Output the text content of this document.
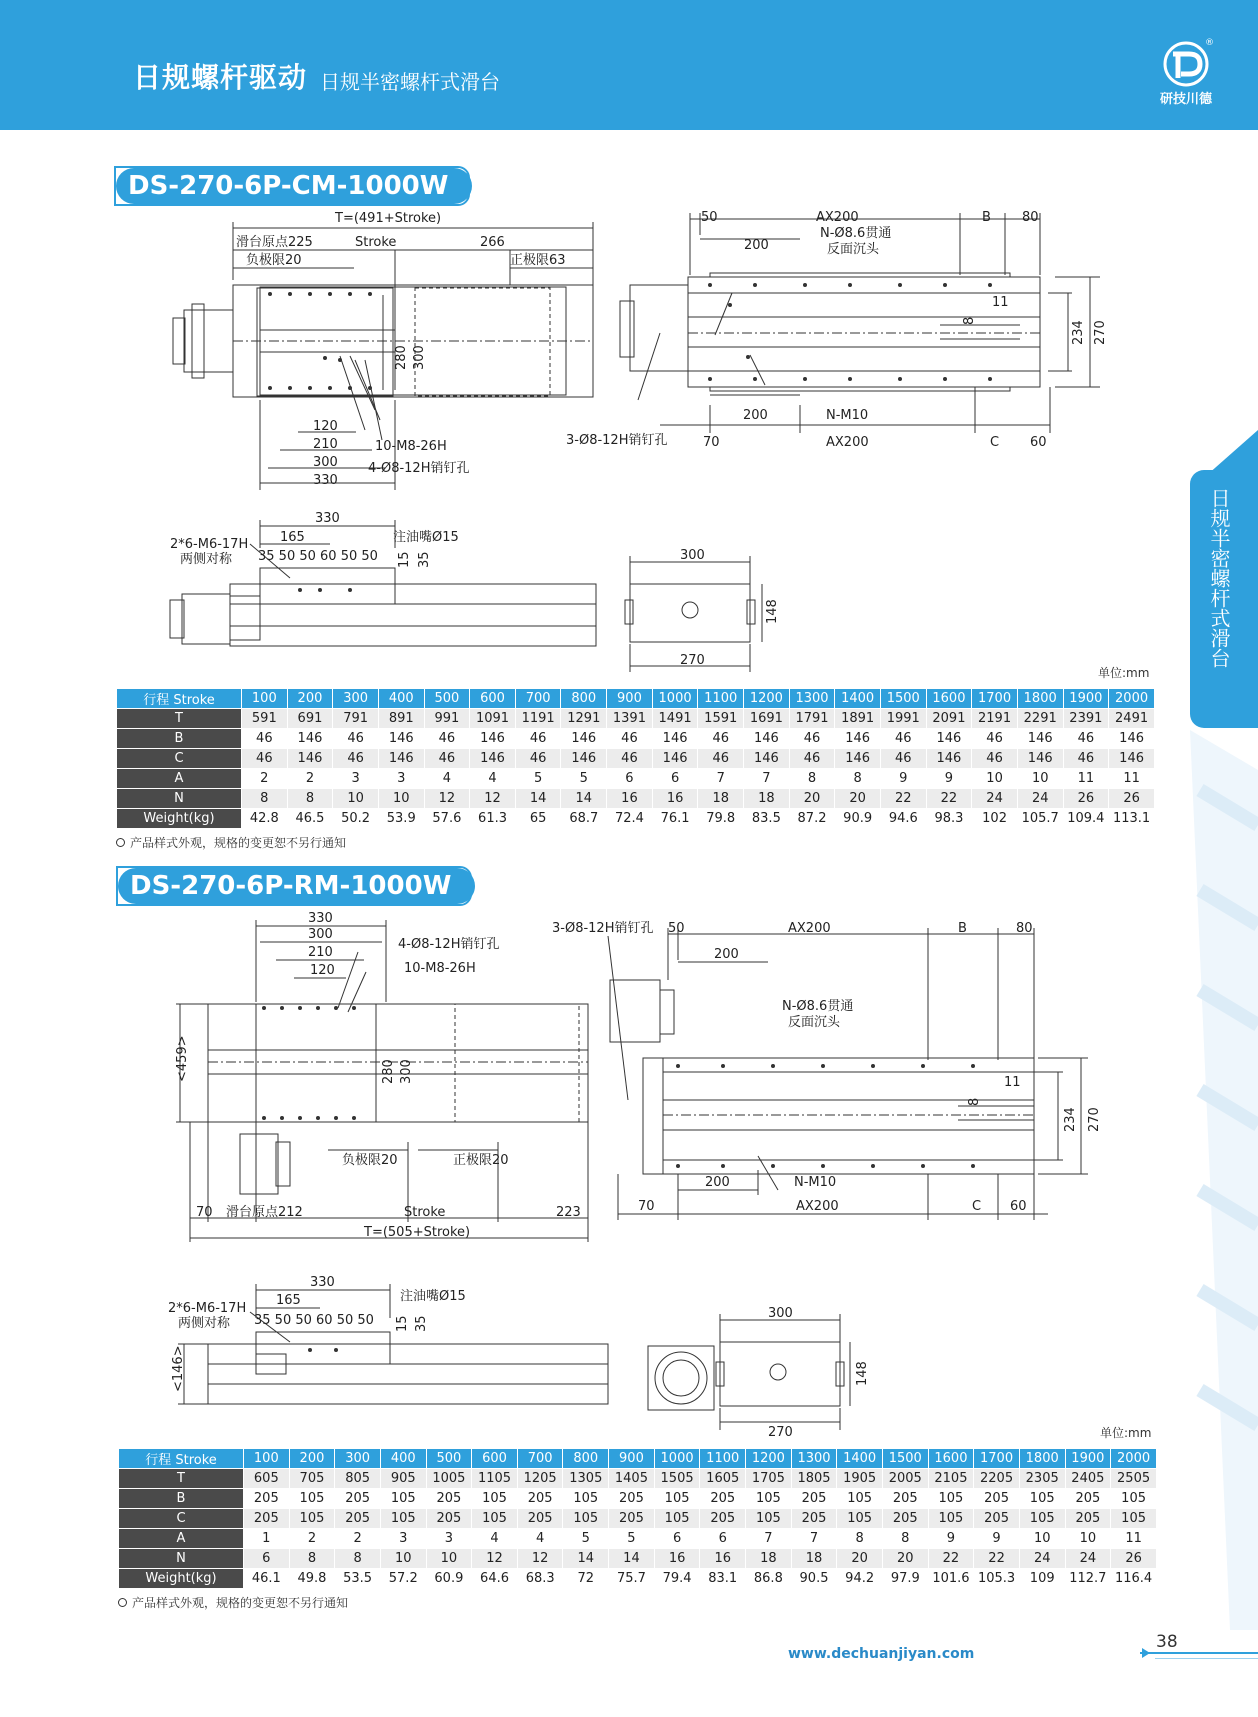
日规螺杆驱动 日规半密螺杆式滑台
研技川德
®
日规半密螺杆式滑台
DS-270-6P-CM-1000W
T=(491+Stroke)
滑台原点225	Stroke	266
负极限20	正极限63
280 300
120
210
300
330
10-M8-26H
4-Ø8-12H销钉孔
50	AX200	B 80
200
N-Ø8.6贯通
反面沉头
11
8	234 270
200	N-M10
70	AX200	C 60
3-Ø8-12H销钉孔
330
165
2*6-M6-17H
两侧对称 35 50 50 60 50 50
注油嘴Ø15
15 35	300
148
270
单位:mm
行程 Stroke	100	200	300	400	500	600	700	800	900	1000	1100	1200	1300	1400	1500	1600	1700	1800	1900	2000
T	591	691	791	891	991	1091	1191	1291	1391	1491	1591	1691	1791	1891	1991	2091	2191	2291	2391	2491
B	46	146	46	146	46	146	46	146	46	146	46	146	46	146	46	146	46	146	46	146
C	46	146	46	146	46	146	46	146	46	146	46	146	46	146	46	146	46	146	46	146
A	2	2	3	3	4	4	5	5	6	6	7	7	8	8	9	9	10	10	11	11
N	8	8	10	10	12	12	14	14	16	16	18	18	20	20	22	22	24	24	26	26
Weight(kg)	42.8	46.5	50.2	53.9	57.6	61.3	65	68.7	72.4	76.1	79.8	83.5	87.2	90.9	94.6	98.3	102	105.7	109.4	113.1
产品样式外观，规格的变更恕不另行通知
DS-270-6P-RM-1000W
330
300
210
120
4-Ø8-12H销钉孔
10-M8-26H
<459>	280 300
负极限20	正极限20
70 滑台原点212	Stroke	223
T=(505+Stroke)
3-Ø8-12H销钉孔 50	AX200	B	80
200
N-Ø8.6贯通
反面沉头
8
11
234 270
200	N-M10
70	AX200	C 60
330
165
2*6-M6-17H
两侧对称 35 50 50 60 50 50
注油嘴Ø15
15 35
<146>
300
148
270	单位:mm
行程 Stroke	100	200	300	400	500	600	700	800	900	1000	1100	1200	1300	1400	1500	1600	1700	1800	1900	2000
T	605	705	805	905	1005	1105	1205	1305	1405	1505	1605	1705	1805	1905	2005	2105	2205	2305	2405	2505
B	205	105	205	105	205	105	205	105	205	105	205	105	205	105	205	105	205	105	205	105
C	205	105	205	105	205	105	205	105	205	105	205	105	205	105	205	105	205	105	205	105
A	1	2	2	3	3	4	4	5	5	6	6	7	7	8	8	9	9	10	10	11
N	6	8	8	10	10	12	12	14	14	16	16	18	18	20	20	22	22	24	24	26
Weight(kg)	46.1	49.8	53.5	57.2	60.9	64.6	68.3	72	75.7	79.4	83.1	86.8	90.5	94.2	97.9	101.6	105.3	109	112.7	116.4
产品样式外观，规格的变更恕不另行通知
www.dechuanjiyan.com
38
